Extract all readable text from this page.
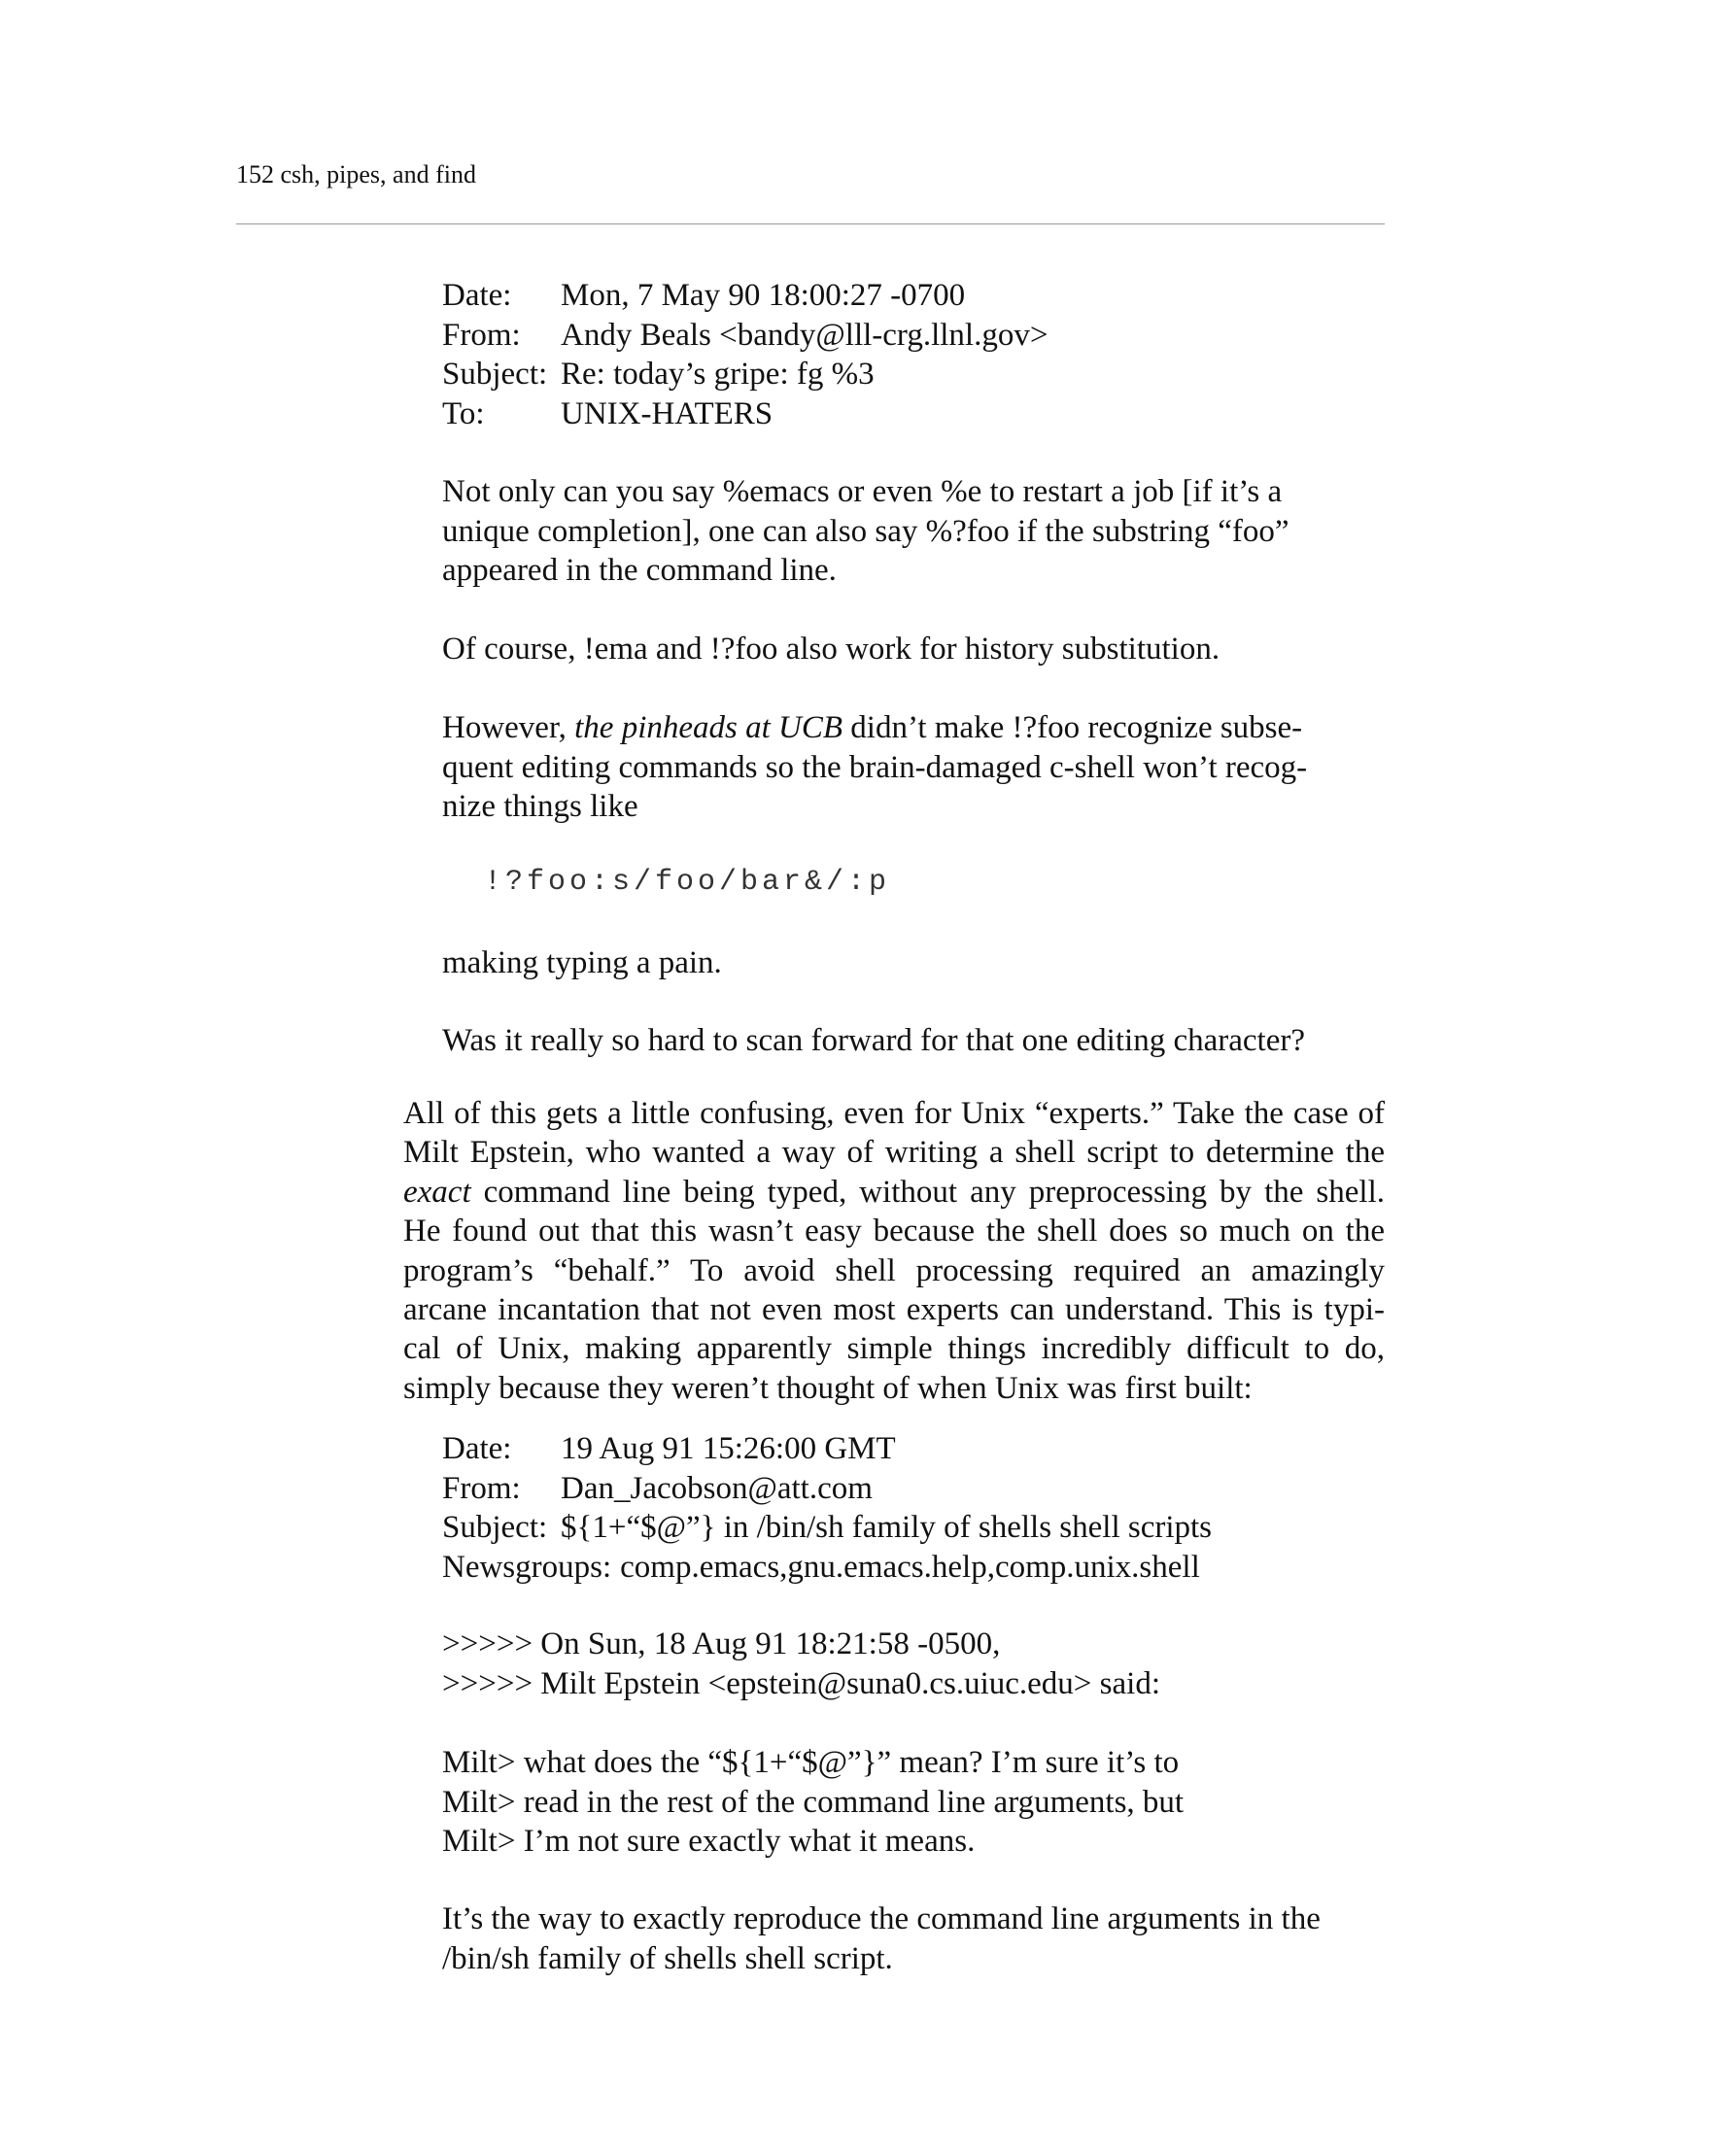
152 csh, pipes, and find
Date:	Mon, 7 May 90 18:00:27 -0700
From:	Andy Beals <bandy@lll-crg.llnl.gov>
Subject: Re: today’s gripe: fg %3
To:	UNIX-HATERS
Not only can you say %emacs or even %e to restart a job [if it’s a
unique completion], one can also say %?foo if the substring “foo”
appeared in the command line.
Of course, !ema and !?foo also work for history substitution.
However, the pinheads at UCB didn’t make !?foo recognize subse-
quent editing commands so the brain-damaged c-shell won’t recog-
nize things like
!?foo:s/foo/bar&/:p
making typing a pain.
Was it really so hard to scan forward for that one editing character?
All of this gets a little confusing, even for Unix “experts.” Take the case of
Milt Epstein, who wanted a way of writing a shell script to determine the
exact command line being typed, without any preprocessing by the shell.
He found out that this wasn’t easy because the shell does so much on the
program’s “behalf.” To avoid shell processing required an amazingly
arcane incantation that not even most experts can understand. This is typi-
cal of Unix, making apparently simple things incredibly difficult to do,
simply because they weren’t thought of when Unix was first built:
Date:	19 Aug 91 15:26:00 GMT
From:	Dan_Jacobson@att.com
Subject: ${1+“$@”} in /bin/sh family of shells shell scripts
Newsgroups: comp.emacs,gnu.emacs.help,comp.unix.shell
>>>>> On Sun, 18 Aug 91 18:21:58 -0500,
>>>>> Milt Epstein <epstein@suna0.cs.uiuc.edu> said:
Milt> what does the “${1+“$@”}” mean? I’m sure it’s to
Milt> read in the rest of the command line arguments, but
Milt> I’m not sure exactly what it means.
It’s the way to exactly reproduce the command line arguments in the
/bin/sh family of shells shell script.
